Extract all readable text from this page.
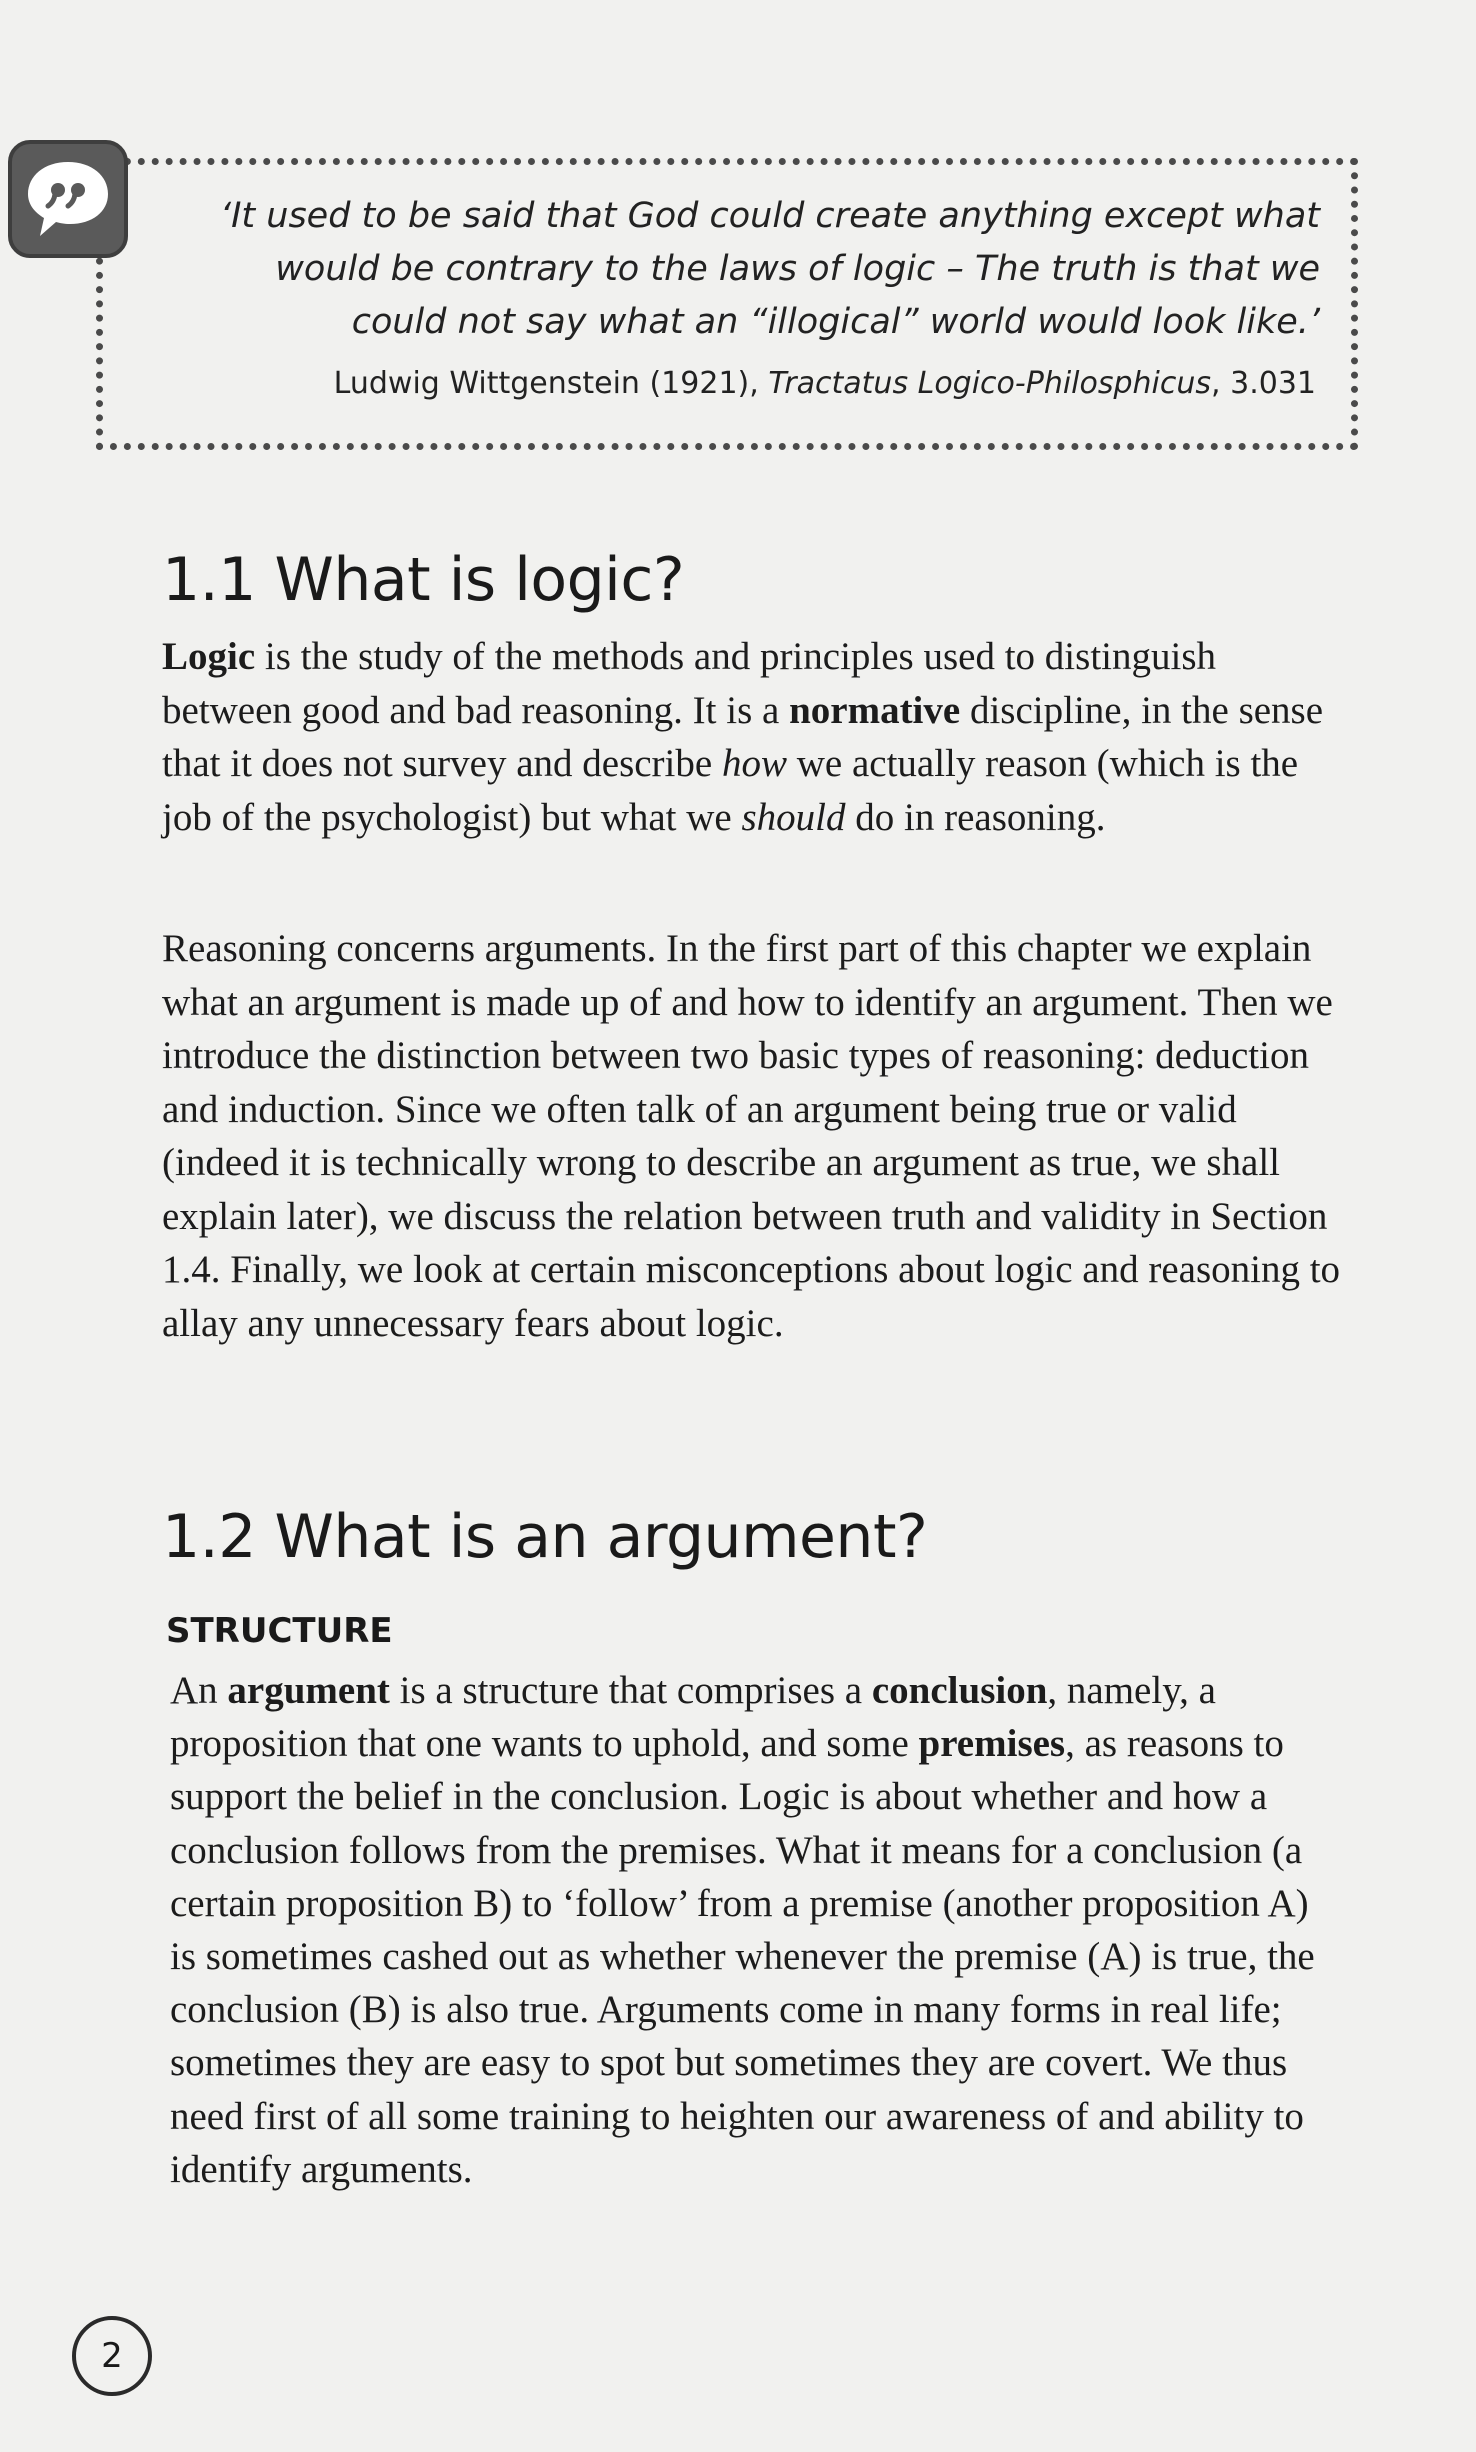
‘It used to be said that God could create anything except what
would be contrary to the laws of logic – The truth is that we
could not say what an “illogical” world would look like.’
Ludwig Wittgenstein (1921), Tractatus Logico-Philosphicus, 3.031
1.1 What is logic?

Logic is the study of the methods and principles used to distinguish between good and bad reasoning. It is a normative discipline, in the sense that it does not survey and describe how we actually reason (which is the job of the psychologist) but what we should do in reasoning.

Reasoning concerns arguments. In the first part of this chapter we explain what an argument is made up of and how to identify an argument. Then we introduce the distinction between two basic types of reasoning: deduction and induction. Since we often talk of an argument being true or valid (indeed it is technically wrong to describe an argument as true, we shall explain later), we discuss the relation between truth and validity in Section 1.4. Finally, we look at certain misconceptions about logic and reasoning to allay any unnecessary fears about logic.

1.2 What is an argument?
STRUCTURE

An argument is a structure that comprises a conclusion, namely, a proposition that one wants to uphold, and some premises, as reasons to support the belief in the conclusion. Logic is about whether and how a conclusion follows from the premises. What it means for a conclusion (a certain proposition B) to ‘follow’ from a premise (another proposition A) is sometimes cashed out as whether whenever the premise (A) is true, the conclusion (B) is also true. Arguments come in many forms in real life; sometimes they are easy to spot but sometimes they are covert. We thus need first of all some training to heighten our awareness of and ability to identify arguments.

2
